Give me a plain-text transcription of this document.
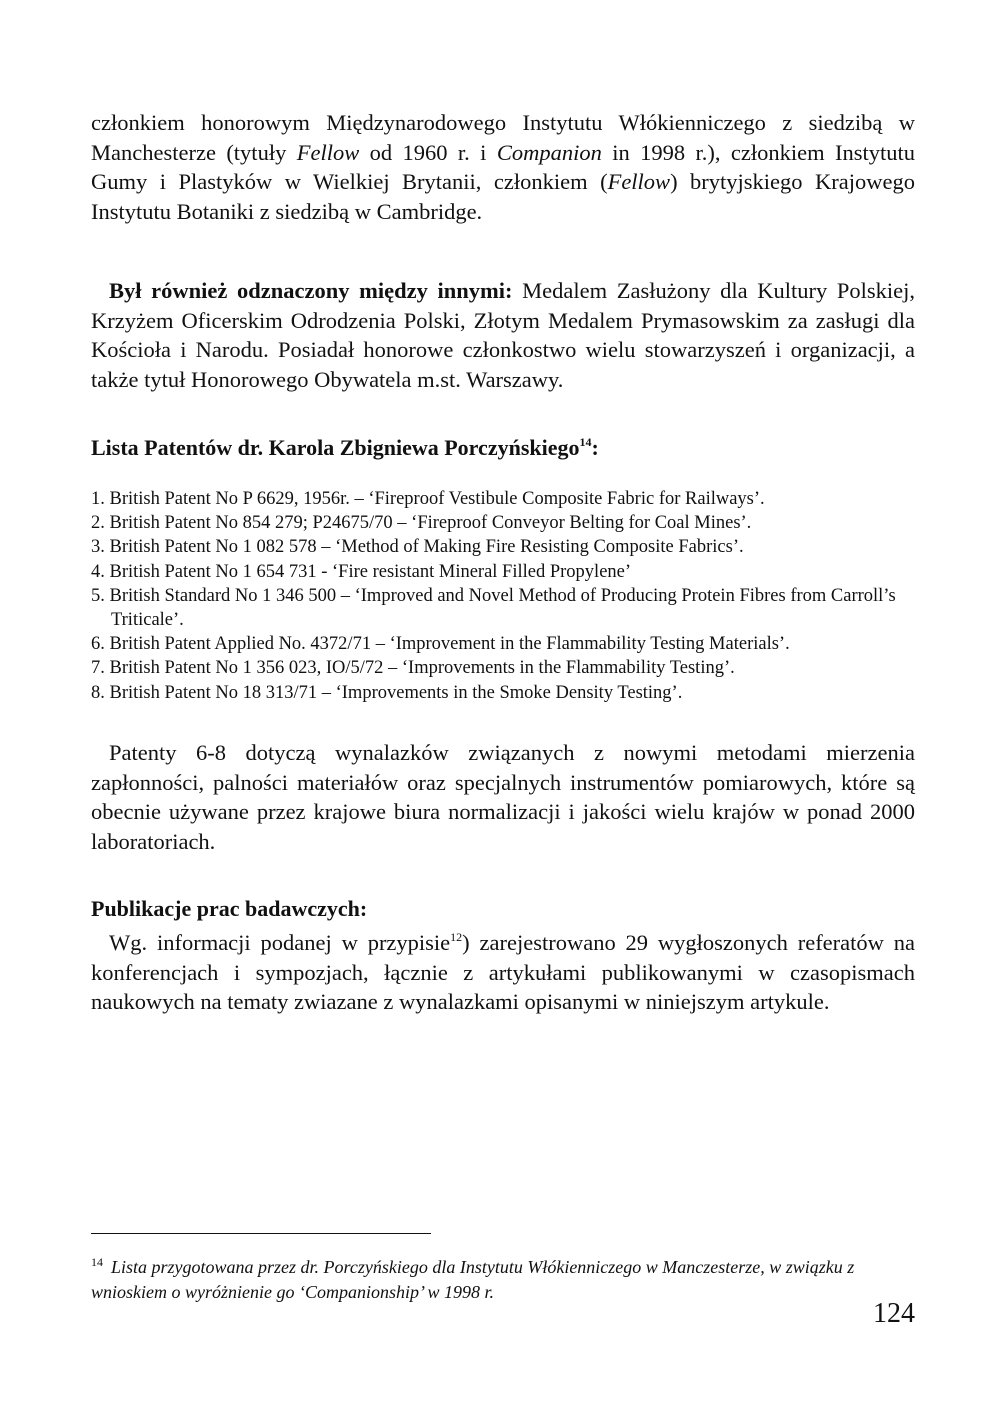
członkiem honorowym Międzynarodowego Instytutu Włókienniczego z siedzibą w Manchesterze (tytuły Fellow od 1960 r. i Companion in 1998 r.), członkiem Instytutu Gumy i Plastyków w Wielkiej Brytanii, członkiem (Fellow) brytyjskiego Krajowego Instytutu Botaniki z siedzibą w Cambridge.

Był również odznaczony między innymi: Medalem Zasłużony dla Kultury Polskiej, Krzyżem Oficerskim Odrodzenia Polski, Złotym Medalem Prymasowskim za zasługi dla Kościoła i Narodu. Posiadał honorowe członkostwo wielu stowarzyszeń i organizacji, a także tytuł Honorowego Obywatela m.st. Warszawy.

Lista Patentów dr. Karola Zbigniewa Porczyńskiego$^{14}$:
1. British Patent No P 6629, 1956r. – ‘Fireproof Vestibule Composite Fabric for Railways’.
2. British Patent No 854 279; P24675/70 – ‘Fireproof Conveyor Belting for Coal Mines’.
3. British Patent No 1 082 578 – ‘Method of Making Fire Resisting Composite Fabrics’.
4. British Patent No 1 654 731 - ‘Fire resistant Mineral Filled Propylene’
5. British Standard No 1 346 500 – ‘Improved and Novel Method of Producing Protein Fibres from Carroll’s Triticale’.
6. British Patent Applied No. 4372/71 – ‘Improvement in the Flammability Testing Materials’.
7. British Patent No 1 356 023, IO/5/72 – ‘Improvements in the Flammability Testing’.
8. British Patent No 18 313/71 – ‘Improvements in the Smoke Density Testing’.

Patenty 6-8 dotyczą wynalazków związanych z nowymi metodami mierzenia zapłonności, palności materiałów oraz specjalnych instrumentów pomiarowych, które są obecnie używane przez krajowe biura normalizacji i jakości wielu krajów w ponad 2000 laboratoriach.

Publikacje prac badawczych:

Wg. informacji podanej w przypisie$^{12}$) zarejestrowano 29 wygłoszonych referatów na konferencjach i sympozjach, łącznie z artykułami publikowanymi w czasopismach naukowych na tematy zwiazane z wynalazkami opisanymi w niniejszym artykule.

$^{14}$ Lista przygotowana przez dr. Porczyńskiego dla Instytutu Włókienniczego w Manczesterze, w związku z wnioskiem o wyróżnienie go ‘Companionship’ w 1998 r.

124
